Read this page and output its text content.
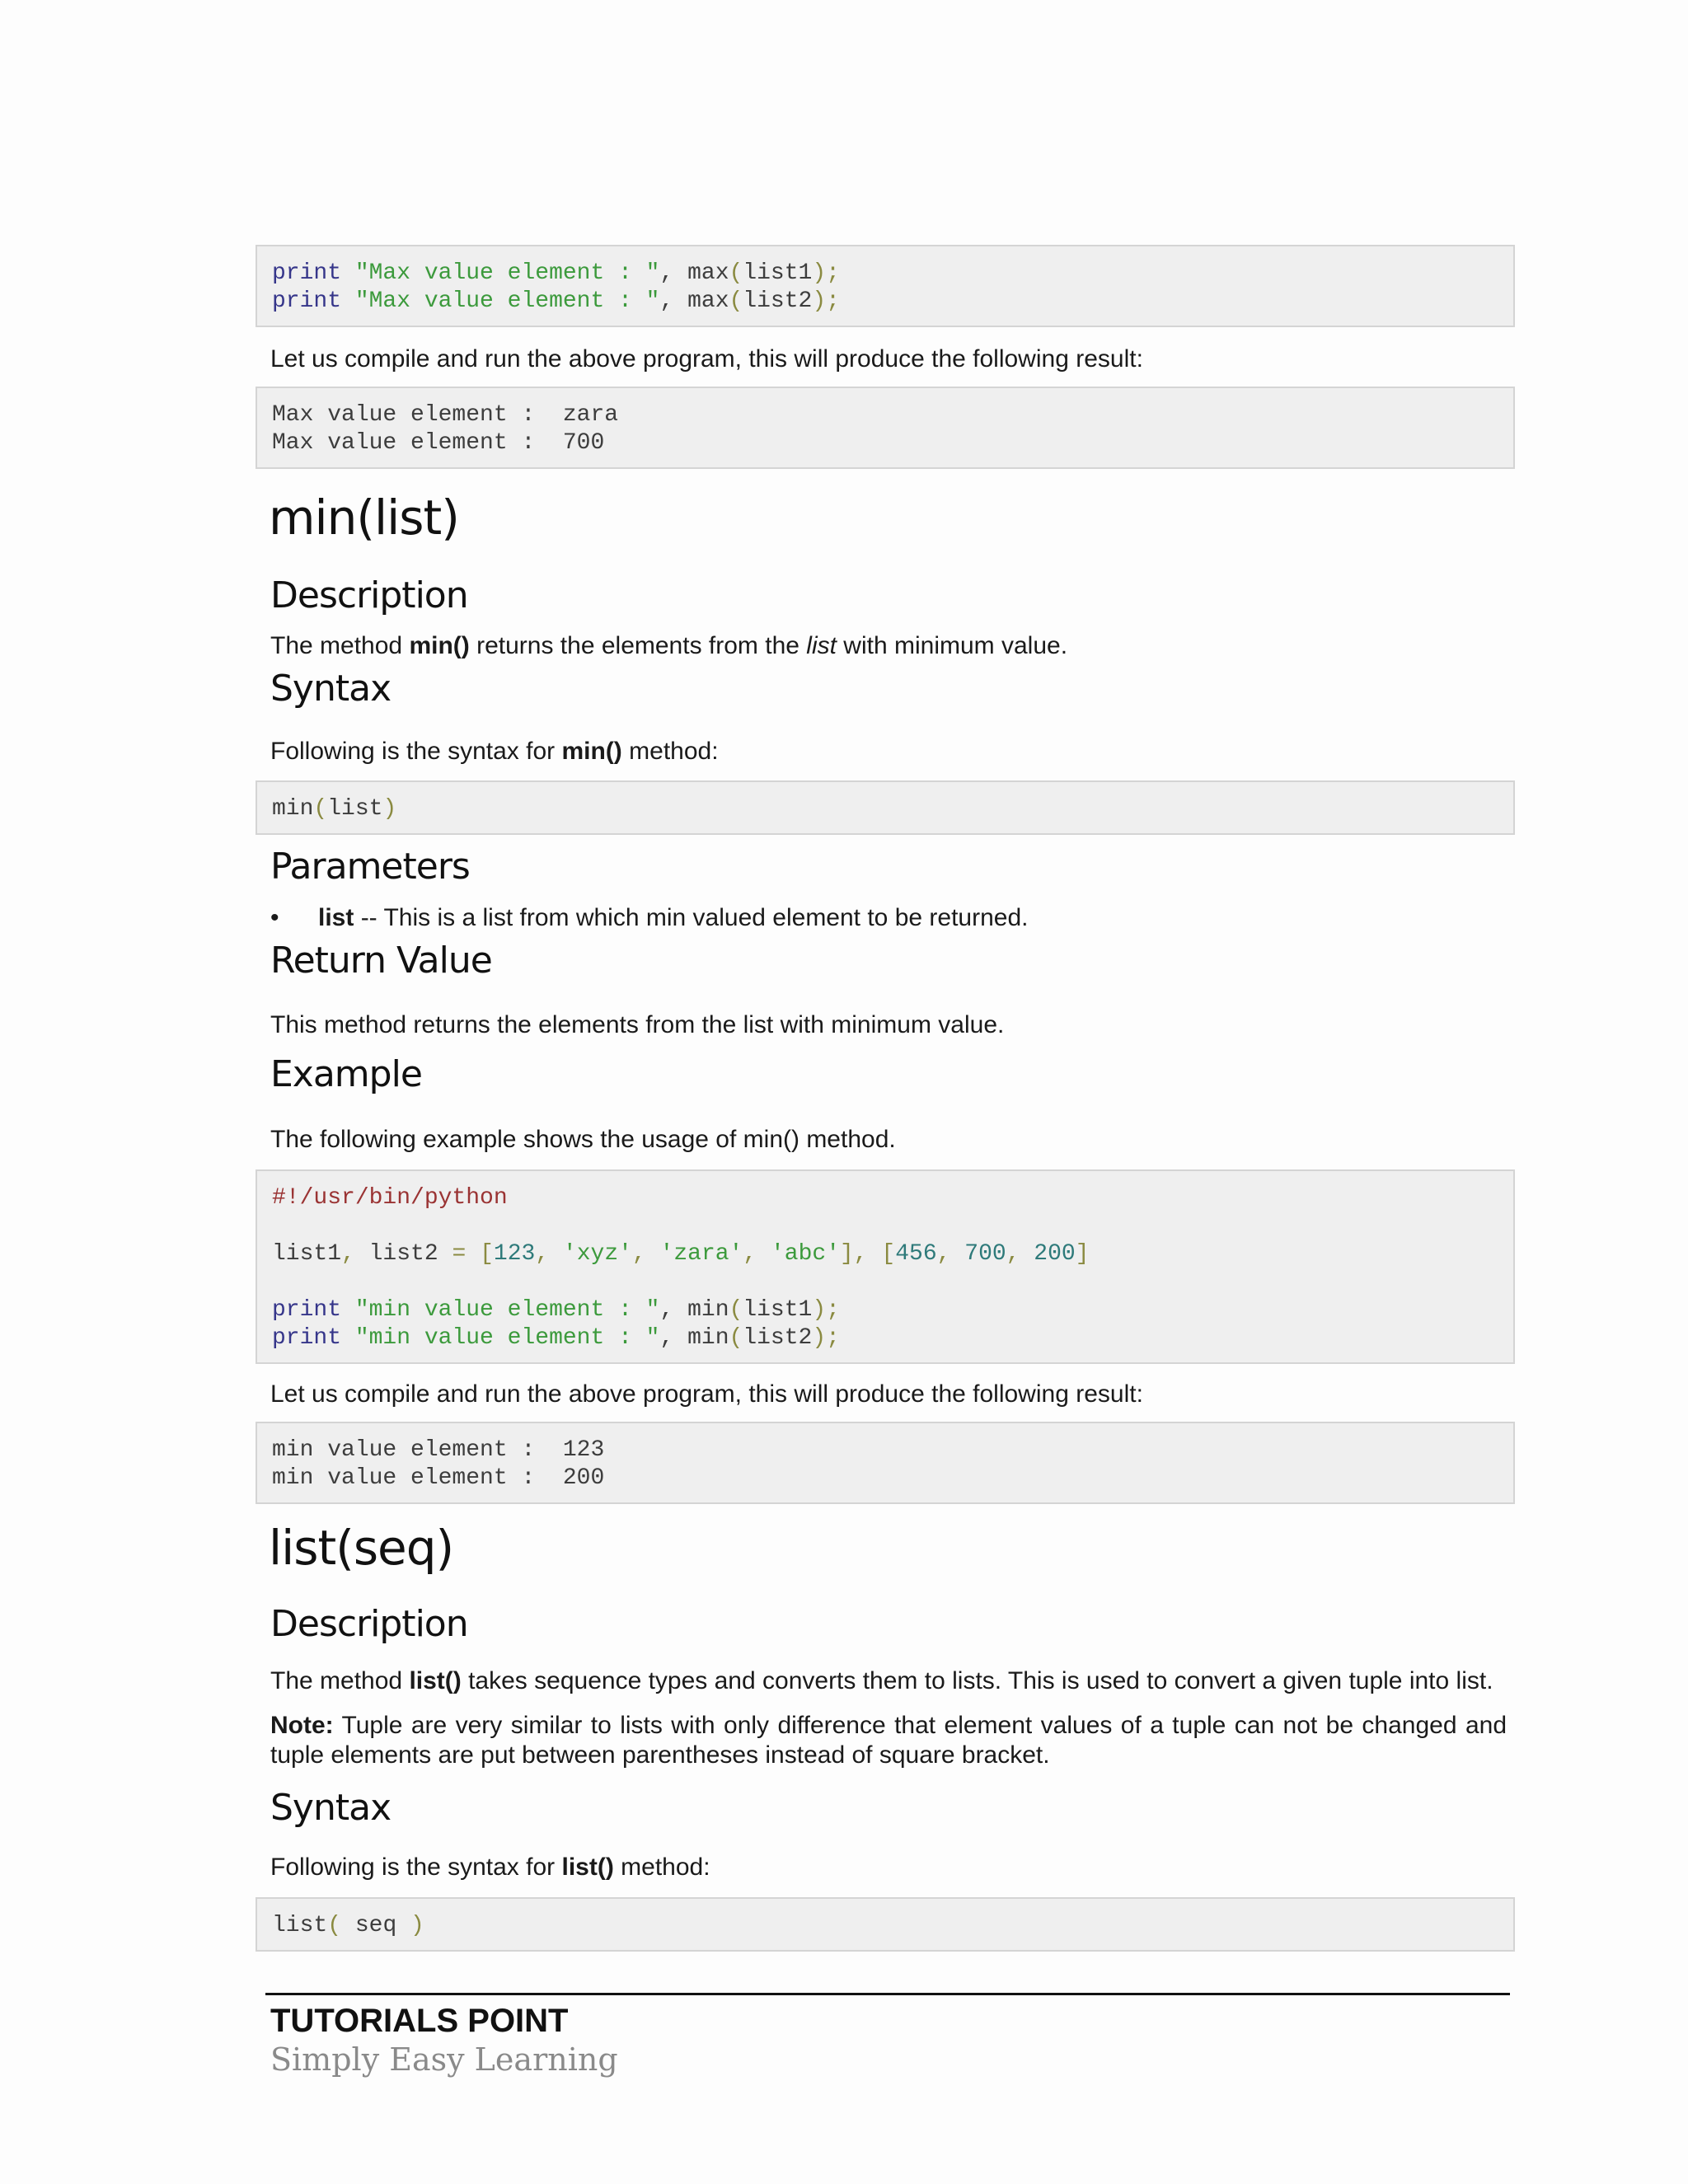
print "Max value element : ", max(list1);
print "Max value element : ", max(list2);

Let us compile and run the above program, this will produce the following result:

Max value element :  zara
Max value element :  700
min(list)
Description

The method min() returns the elements from the list with minimum value.

Syntax

Following is the syntax for min() method:

min(list)
Parameters
• list -- This is a list from which min valued element to be returned.
Return Value

This method returns the elements from the list with minimum value.

Example

The following example shows the usage of min() method.

#!/usr/bin/python
list1, list2 = [123, 'xyz', 'zara', 'abc'], [456, 700, 200]
print "min value element : ", min(list1);
print "min value element : ", min(list2);

Let us compile and run the above program, this will produce the following result:

min value element :  123
min value element :  200
list(seq)
Description

The method list() takes sequence types and converts them to lists. This is used to convert a given tuple into list.

Note: Tuple are very similar to lists with only difference that element values of a tuple can not be changed and tuple elements are put between parentheses instead of square bracket.

Syntax

Following is the syntax for list() method:

list( seq )
TUTORIALS POINT
Simply Easy Learning
